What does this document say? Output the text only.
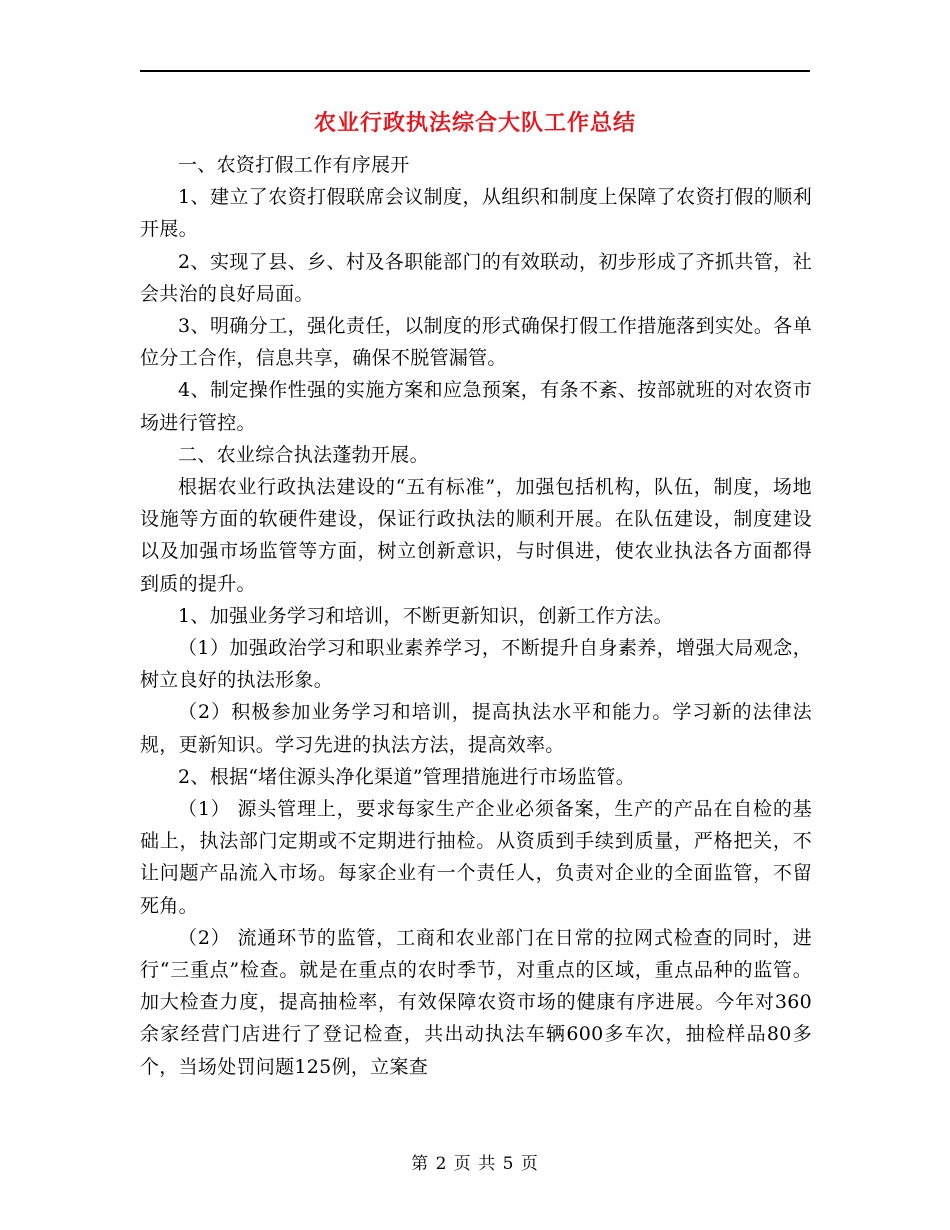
农业行政执法综合大队工作总结

一、农资打假工作有序展开

1、建立了农资打假联席会议制度，从组织和制度上保障了农资打假的顺利开展。

2、实现了县、乡、村及各职能部门的有效联动，初步形成了齐抓共管，社会共治的良好局面。

3、明确分工，强化责任，以制度的形式确保打假工作措施落到实处。各单位分工合作，信息共享，确保不脱管漏管。

4、制定操作性强的实施方案和应急预案，有条不紊、按部就班的对农资市场进行管控。

二、农业综合执法蓬勃开展。

根据农业行政执法建设的“五有标准”，加强包括机构，队伍，制度，场地设施等方面的软硬件建设，保证行政执法的顺利开展。在队伍建设，制度建设以及加强市场监管等方面，树立创新意识，与时俱进，使农业执法各方面都得到质的提升。

1、加强业务学习和培训，不断更新知识，创新工作方法。

（1）加强政治学习和职业素养学习，不断提升自身素养，增强大局观念，树立良好的执法形象。

（2）积极参加业务学习和培训，提高执法水平和能力。学习新的法律法规，更新知识。学习先进的执法方法，提高效率。

2、根据“堵住源头净化渠道”管理措施进行市场监管。

（1） 源头管理上，要求每家生产企业必须备案，生产的产品在自检的基础上，执法部门定期或不定期进行抽检。从资质到手续到质量，严格把关，不让问题产品流入市场。每家企业有一个责任人，负责对企业的全面监管，不留死角。

（2） 流通环节的监管，工商和农业部门在日常的拉网式检查的同时，进行“三重点”检查。就是在重点的农时季节，对重点的区域，重点品种的监管。加大检查力度，提高抽检率，有效保障农资市场的健康有序进展。今年对360余家经营门店进行了登记检查，共出动执法车辆600多车次，抽检样品80多个，当场处罚问题125例，立案查

第 2 页 共 5 页
